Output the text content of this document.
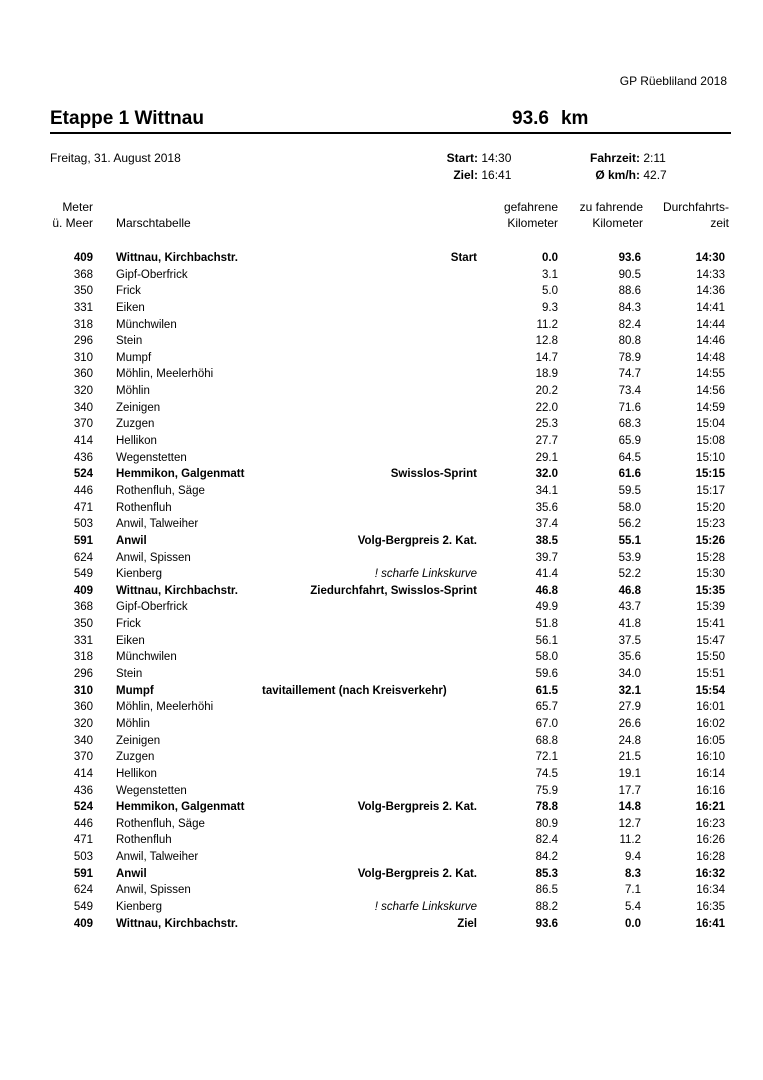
GP Rüebliland 2018
Etappe 1 Wittnau	93.6 km
Freitag, 31. August 2018	Start: 14:30
Ziel: 16:41
Fahrzeit: 2:11
Ø km/h: 42.7
Meter
ü. Meer Marschtabelle
gefahrene
Kilometer
zu fahrende
Kilometer
Durchfahrts-
zeit
409 Wittnau, Kirchbachstr.	Start	0.0	93.6	14:30
368 Gipf-Oberfrick	3.1	90.5	14:33
350 Frick	5.0	88.6	14:36
331 Eiken	9.3	84.3	14:41
318 Münchwilen	11.2	82.4	14:44
296 Stein	12.8	80.8	14:46
310 Mumpf	14.7	78.9	14:48
360 Möhlin, Meelerhöhi	18.9	74.7	14:55
320 Möhlin	20.2	73.4	14:56
340 Zeinigen	22.0	71.6	14:59
370 Zuzgen	25.3	68.3	15:04
414 Hellikon	27.7	65.9	15:08
436 Wegenstetten	29.1	64.5	15:10
524 Hemmikon, Galgenmatt	Swisslos-Sprint	32.0	61.6	15:15
446 Rothenfluh, Säge	34.1	59.5	15:17
471 Rothenfluh	35.6	58.0	15:20
503 Anwil, Talweiher	37.4	56.2	15:23
591 Anwil	Volg-Bergpreis 2. Kat.	38.5	55.1	15:26
624 Anwil, Spissen	39.7	53.9	15:28
549 Kienberg	! scharfe Linkskurve	41.4	52.2	15:30
409 Wittnau, Kirchbachstr.	Ziedurchfahrt, Swisslos-Sprint	46.8	46.8	15:35
368 Gipf-Oberfrick	49.9	43.7	15:39
350 Frick	51.8	41.8	15:41
331 Eiken	56.1	37.5	15:47
318 Münchwilen	58.0	35.6	15:50
296 Stein	59.6	34.0	15:51
310 Mumpf	tavitaillement (nach Kreisverkehr)	61.5	32.1	15:54
360 Möhlin, Meelerhöhi	65.7	27.9	16:01
320 Möhlin	67.0	26.6	16:02
340 Zeinigen	68.8	24.8	16:05
370 Zuzgen	72.1	21.5	16:10
414 Hellikon	74.5	19.1	16:14
436 Wegenstetten	75.9	17.7	16:16
524 Hemmikon, Galgenmatt	Volg-Bergpreis 2. Kat.	78.8	14.8	16:21
446 Rothenfluh, Säge	80.9	12.7	16:23
471 Rothenfluh	82.4	11.2	16:26
503 Anwil, Talweiher	84.2	9.4	16:28
591 Anwil	Volg-Bergpreis 2. Kat.	85.3	8.3	16:32
624 Anwil, Spissen	86.5	7.1	16:34
549 Kienberg	! scharfe Linkskurve	88.2	5.4	16:35
409 Wittnau, Kirchbachstr.	Ziel	93.6	0.0	16:41
